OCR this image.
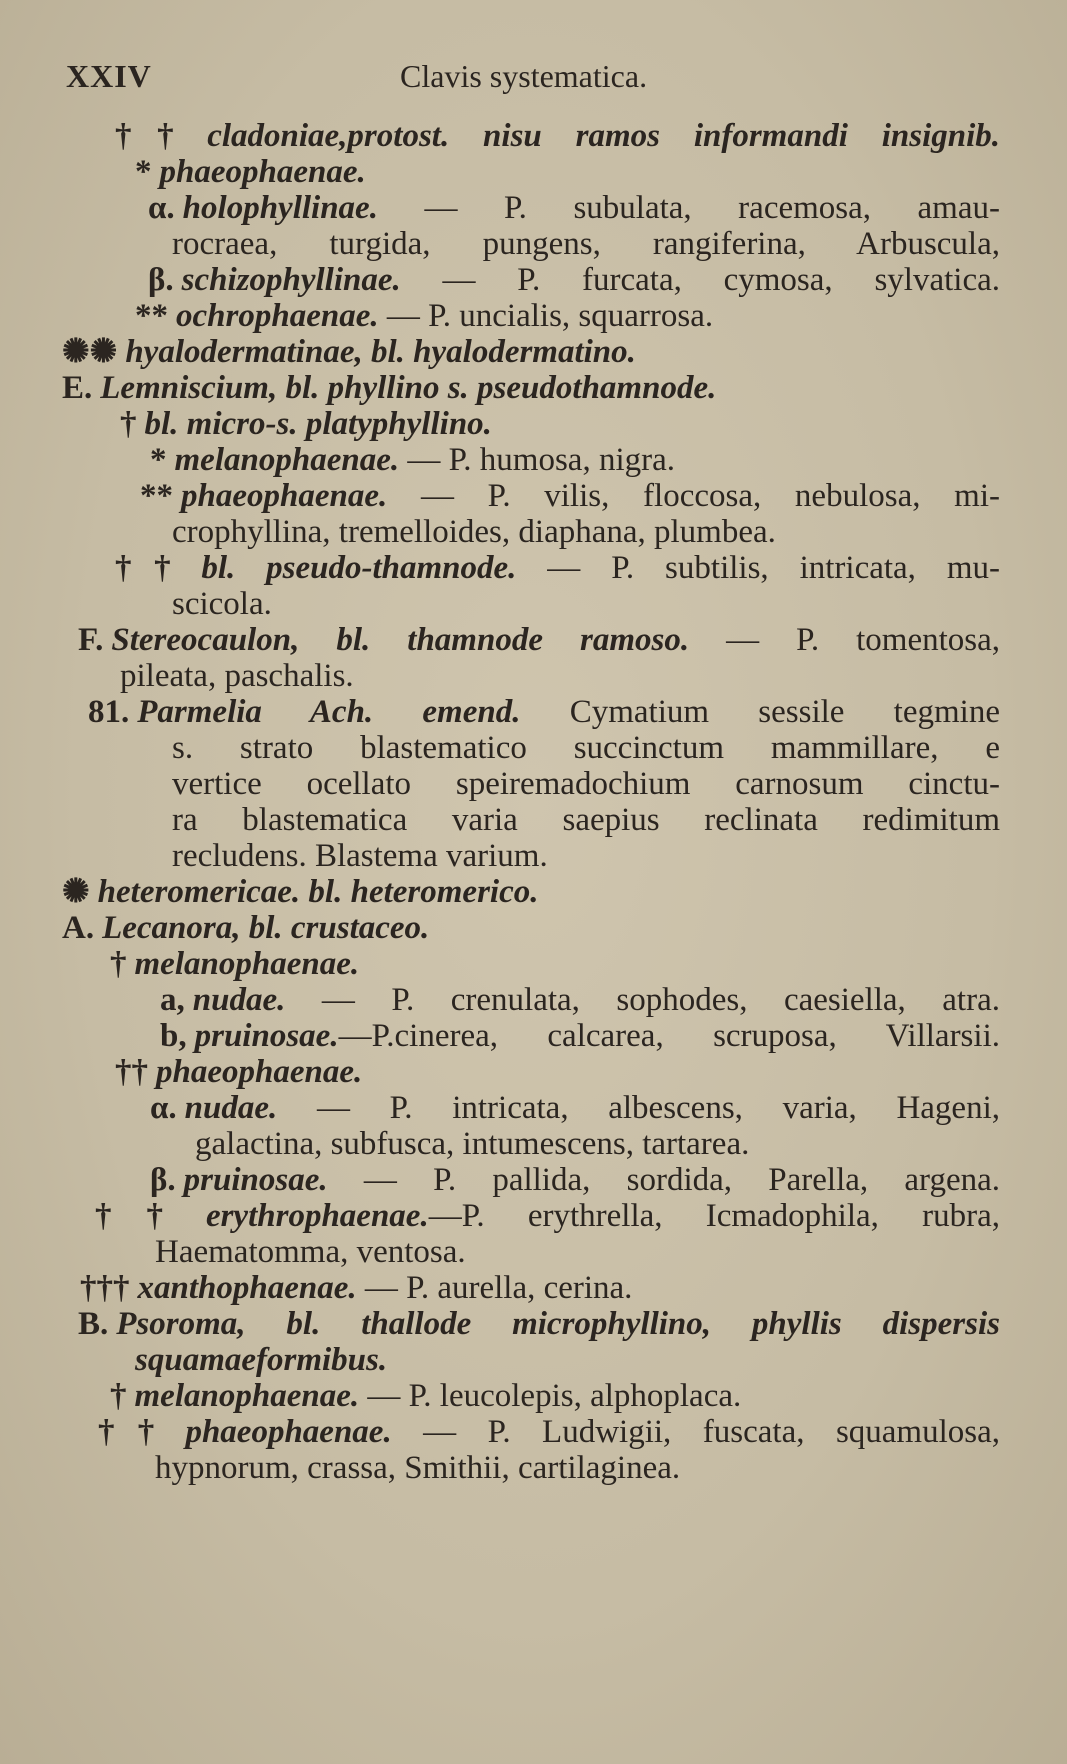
XXIV	Clavis systematica.
†† cladoniae,protost. nisu ramos informandi insignib.
* phaeophaenae.
α. holophyllinae. — P. subulata, racemosa, amau-
rocraea, turgida, pungens, rangiferina, Arbuscula,
β. schizophyllinae. — P. furcata, cymosa, sylvatica.
** ochrophaenae. — P. uncialis, squarrosa.
✺✺ hyalodermatinae, bl. hyalodermatino.
E. Lemniscium, bl. phyllino s. pseudothamnode.
† bl. micro-s. platyphyllino.
* melanophaenae. — P. humosa, nigra.
** phaeophaenae. — P. vilis, floccosa, nebulosa, mi-
crophyllina, tremelloides, diaphana, plumbea.
†† bl. pseudo-thamnode. — P. subtilis, intricata, mu-
scicola.
F. Stereocaulon, bl. thamnode ramoso. — P. tomentosa,
pileata, paschalis.
81. Parmelia Ach. emend. Cymatium sessile tegmine
s. strato blastematico succinctum mammillare, e
vertice ocellato speiremadochium carnosum cinctu-
ra blastematica varia saepius reclinata redimitum
recludens. Blastema varium.
✺ heteromericae. bl. heteromerico.
A. Lecanora, bl. crustaceo.
† melanophaenae.
a, nudae. — P. crenulata, sophodes, caesiella, atra.
b, pruinosae.—P.cinerea, calcarea, scruposa, Villarsii.
†† phaeophaenae.
α. nudae. — P. intricata, albescens, varia, Hageni,
galactina, subfusca, intumescens, tartarea.
β. pruinosae. — P. pallida, sordida, Parella, argena.
†† erythrophaenae.—P. erythrella, Icmadophila, rubra,
Haematomma, ventosa.
††† xanthophaenae. — P. aurella, cerina.
B. Psoroma, bl. thallode microphyllino, phyllis dispersis
squamaeformibus.
† melanophaenae. — P. leucolepis, alphoplaca.
†† phaeophaenae. — P. Ludwigii, fuscata, squamulosa,
hypnorum, crassa, Smithii, cartilaginea.
